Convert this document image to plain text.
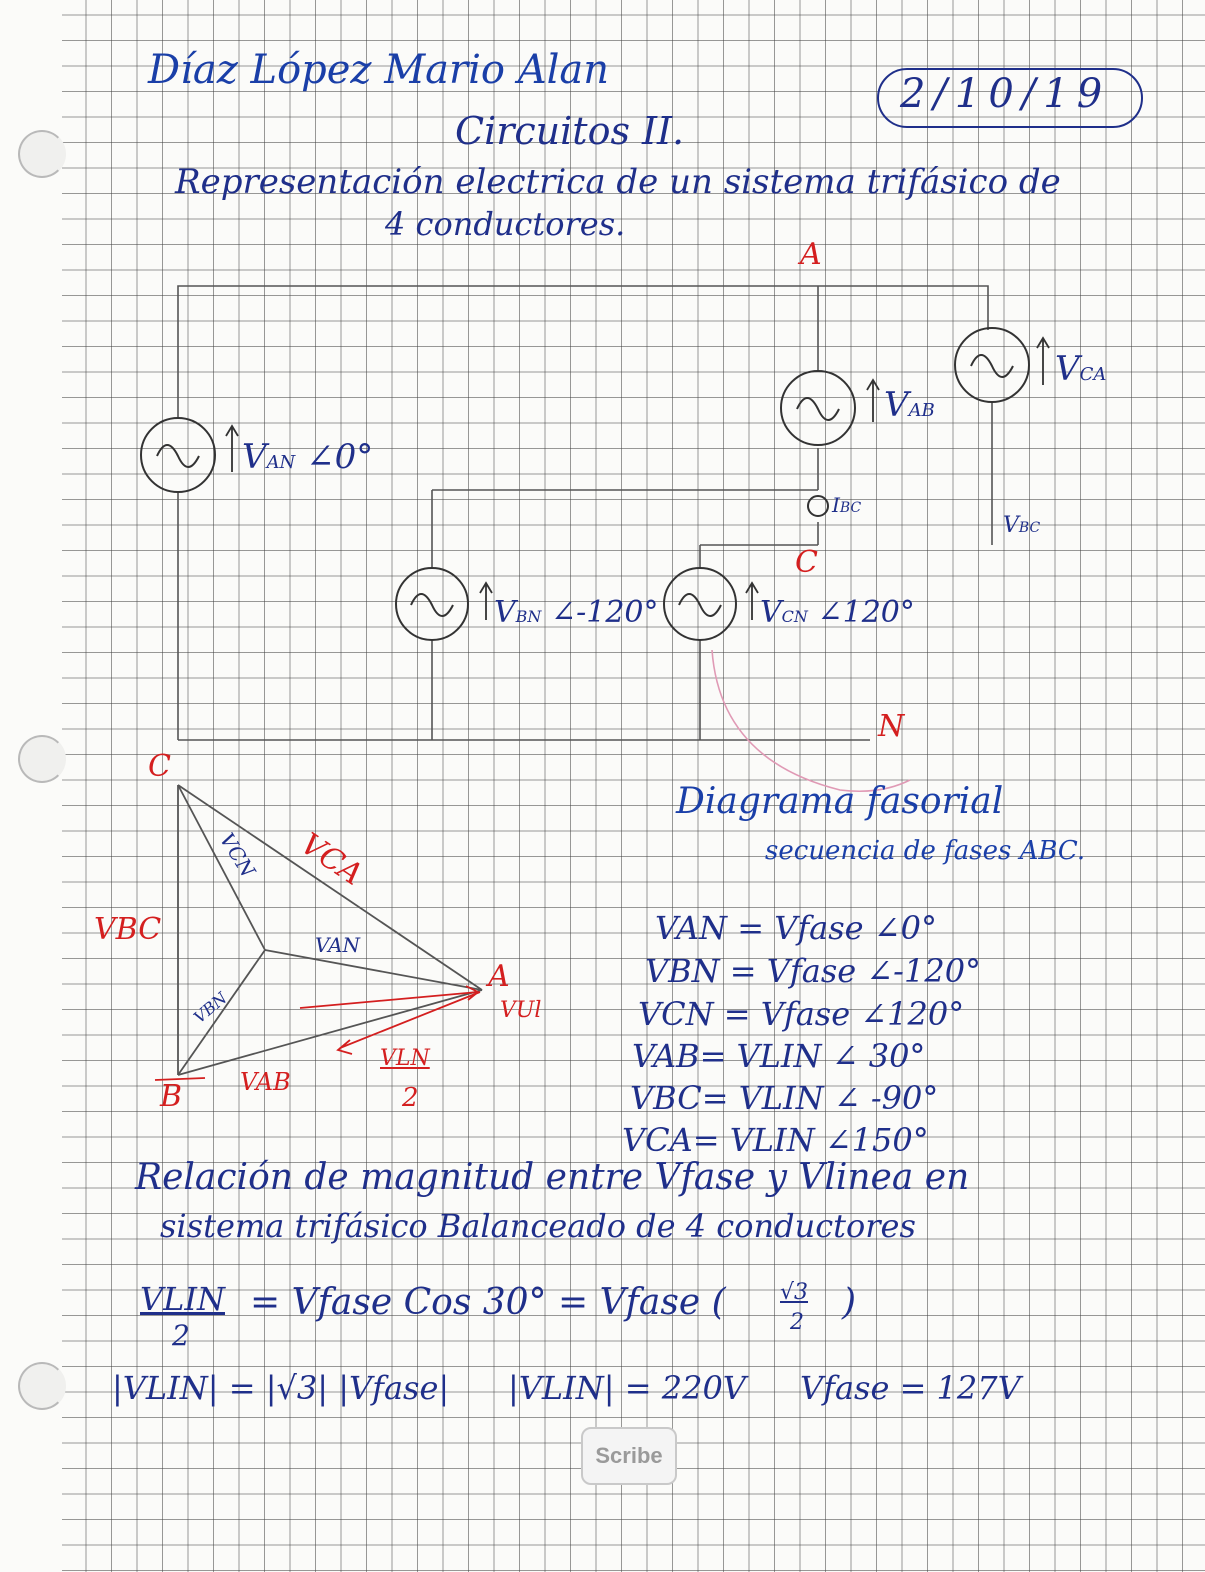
Díaz López Mario Alan
2/10/19
Circuitos II.
Representación electrica de un sistema trifásico de
4 conductores.
A
C
N
VAN ∠0°
VAB
VCA
IBC
VBC
VBN ∠-120°	VCN ∠120°
C
A
B
VCN VCA
VBC	VAN
VBN
VAB
VUl
VLN
2
Diagrama fasorial
secuencia de fases ABC.
VAN = Vfase ∠0°
VBN = Vfase ∠-120°
VCN = Vfase ∠120°
VAB= VLIN ∠ 30°
VBC= VLIN ∠ -90°
VCA= VLIN ∠150°
Relación de magnitud entre Vfase y Vlinea en
sistema trifásico Balanceado de 4 conductores
VLIN
2
= Vfase Cos 30° = Vfase ( √3
2 )
|VLIN| = |√3| |Vfase| |VLIN| = 220V Vfase = 127V
Scribe
